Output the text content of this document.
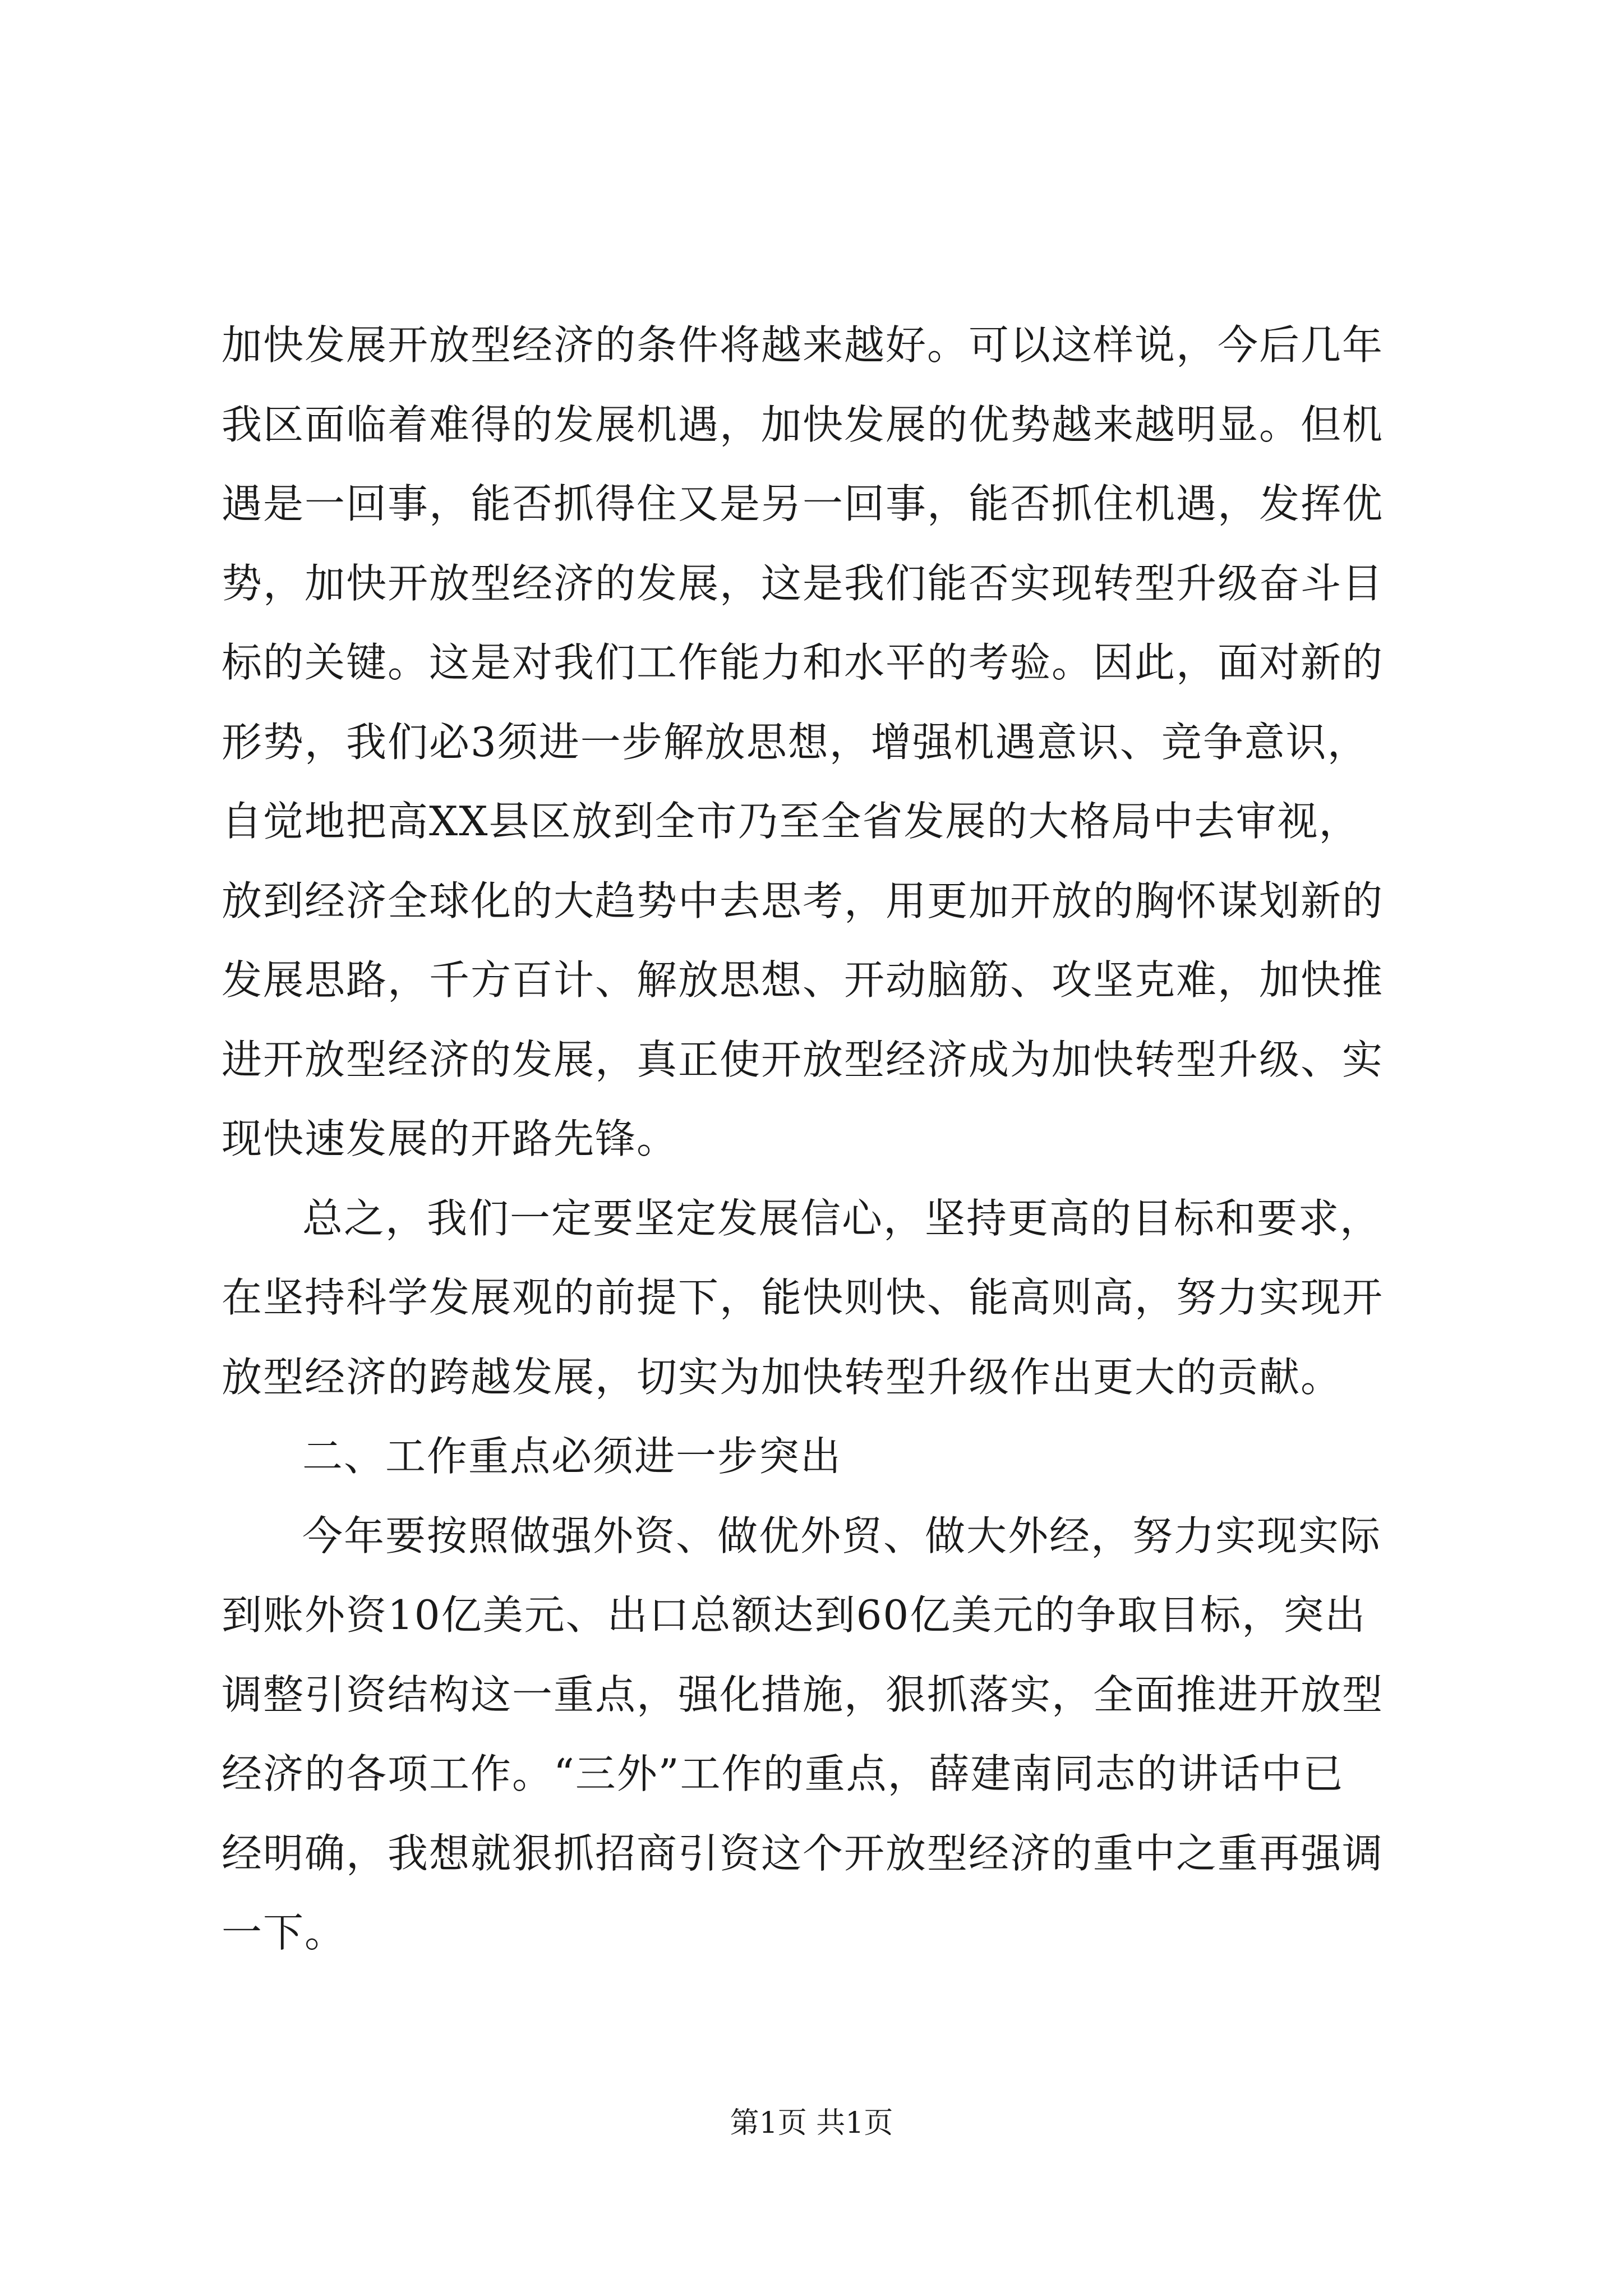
加快发展开放型经济的条件将越来越好。可以这样说，今后几年
我区面临着难得的发展机遇，加快发展的优势越来越明显。但机
遇是一回事，能否抓得住又是另一回事，能否抓住机遇，发挥优
势，加快开放型经济的发展，这是我们能否实现转型升级奋斗目
标的关键。这是对我们工作能力和水平的考验。因此，面对新的
形势，我们必3须进一步解放思想，增强机遇意识、竞争意识，
自觉地把高XX县区放到全市乃至全省发展的大格局中去审视，
放到经济全球化的大趋势中去思考，用更加开放的胸怀谋划新的
发展思路，千方百计、解放思想、开动脑筋、攻坚克难，加快推
进开放型经济的发展，真正使开放型经济成为加快转型升级、实
现快速发展的开路先锋。
总之，我们一定要坚定发展信心，坚持更高的目标和要求，
在坚持科学发展观的前提下，能快则快、能高则高，努力实现开
放型经济的跨越发展，切实为加快转型升级作出更大的贡献。
二、工作重点必须进一步突出
今年要按照做强外资、做优外贸、做大外经，努力实现实际
到账外资10亿美元、出口总额达到60亿美元的争取目标，突出
调整引资结构这一重点，强化措施，狠抓落实，全面推进开放型
经济的各项工作。“三外”工作的重点，薛建南同志的讲话中已
经明确，我想就狠抓招商引资这个开放型经济的重中之重再强调
一下。
第1页 共1页
